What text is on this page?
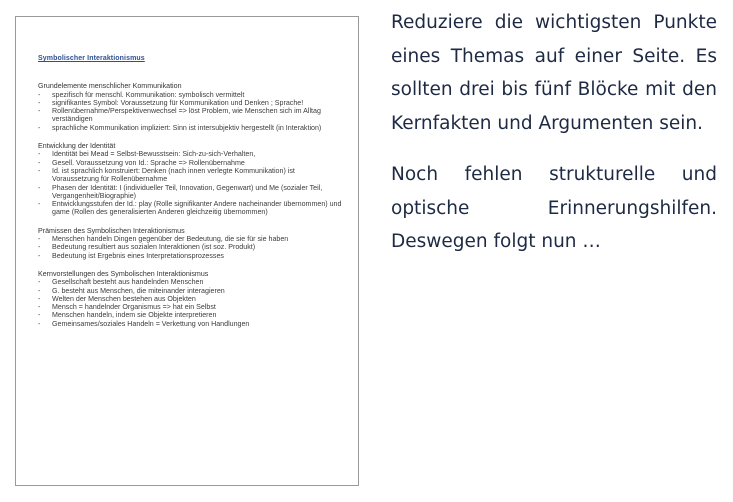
Symbolischer Interaktionismus
Grundelemente menschlicher Kommunikation
- spezifisch für menschl. Kommunikation: symbolisch vermittelt
- signifikantes Symbol: Voraussetzung für Kommunikation und Denken ; Sprache!
- Rollenübernahme/Perspektivenwechsel => löst Problem, wie Menschen sich im Alltag verständigen
- sprachliche Kommunikation impliziert: Sinn ist intersubjektiv hergestellt (in Interaktion)
Entwicklung der Identität
- Identität bei Mead = Selbst-Bewusstsein: Sich-zu-sich-Verhalten,
- Gesell. Voraussetzung von Id.: Sprache => Rollenübernahme
- Id. ist sprachlich konstruiert: Denken (nach innen verlegte Kommunikation) ist Voraussetzung für Rollenübernahme
- Phasen der Identität: I (individueller Teil, Innovation, Gegenwart) und Me (sozialer Teil, Vergangenheit/Biographie)
- Entwicklungsstufen der Id.: play (Rolle signifikanter Andere nacheinander übernommen) und game (Rollen des generalisierten Anderen gleichzeitig übernommen)
Prämissen des Symbolischen Interaktionismus
- Menschen handeln Dingen gegenüber der Bedeutung, die sie für sie haben
- Bedeutung resultiert aus sozialen Interaktionen (ist soz. Produkt)
- Bedeutung ist Ergebnis eines Interpretationsprozesses
Kernvorstellungen des Symbolischen Interaktionismus
- Gesellschaft besteht aus handelnden Menschen
- G. besteht aus Menschen, die miteinander interagieren
- Welten der Menschen bestehen aus Objekten
- Mensch = handelnder Organismus => hat ein Selbst
- Menschen handeln, indem sie Objekte interpretieren
- Gemeinsames/soziales Handeln = Verkettung von Handlungen

Reduziere die wichtigsten Punkte eines Themas auf einer Seite. Es sollten drei bis fünf Blöcke mit den Kernfakten und Argumenten sein.

Noch fehlen strukturelle und optische Erinnerungshilfen. Deswegen folgt nun …
